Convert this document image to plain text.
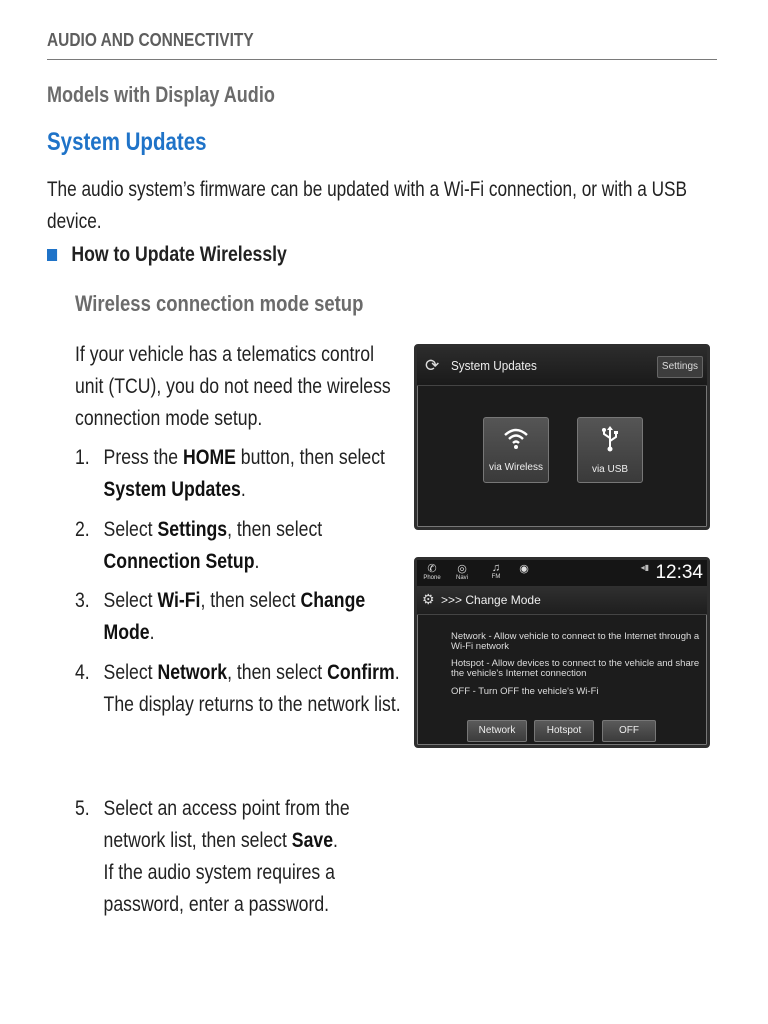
AUDIO AND CONNECTIVITY
Models with Display Audio
System Updates
The audio system’s firmware can be updated with a Wi-Fi connection, or with a USB device.
How to Update Wirelessly
Wireless connection mode setup
If your vehicle has a telematics control unit (TCU), you do not need the wireless connection mode setup.
1. Press the HOME button, then select System Updates.
2. Select Settings, then select Connection Setup.
3. Select Wi-Fi, then select Change Mode.
4. Select Network, then select Confirm.
The display returns to the network list.
5. Select an access point from the network list, then select Save.
If the audio system requires a password, enter a password.
⟳ System Updates	Settings
via Wireless	via USB
✆
Phone
◎
Navi
♫
FM
◉	◂▮ 12:34
⚙ >>> Change Mode
Network - Allow vehicle to connect to the Internet through a Wi-Fi network
Hotspot - Allow devices to connect to the vehicle and share the vehicle's Internet connection
OFF - Turn OFF the vehicle's Wi-Fi
Network	Hotspot	OFF
